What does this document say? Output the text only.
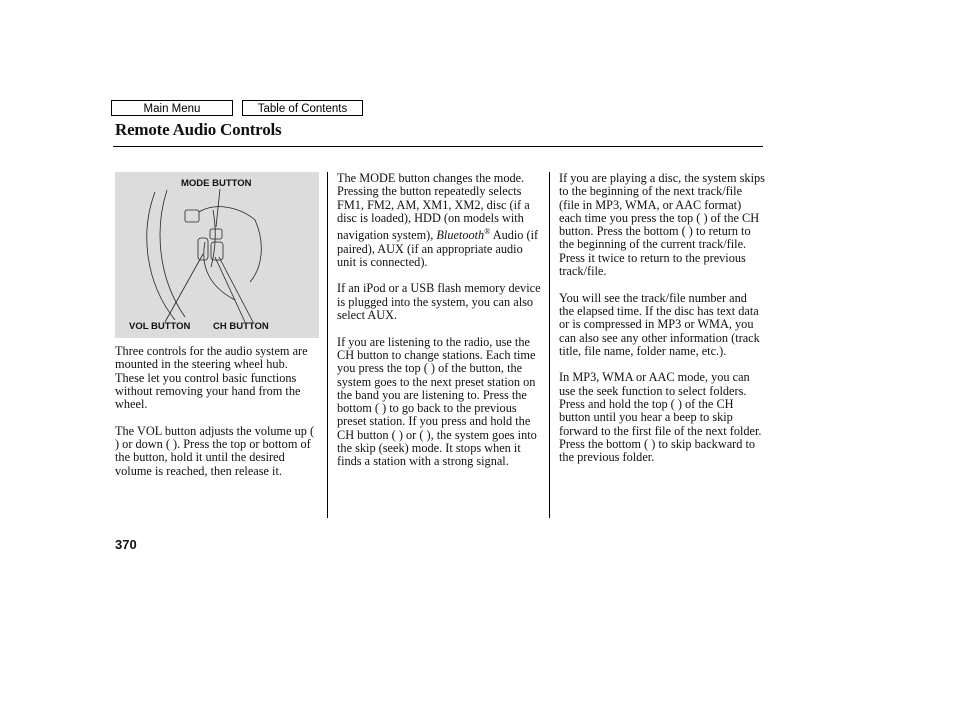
Main Menu	Table of Contents
Remote Audio Controls
MODE BUTTON
VOL BUTTON CH BUTTON

Three controls for the audio system are mounted in the steering wheel hub. These let you control basic functions without removing your hand from the wheel.

The VOL button adjusts the volume up ( ) or down ( ). Press the top or bottom of the button, hold it until the desired volume is reached, then release it.

The MODE button changes the mode. Pressing the button repeatedly selects FM1, FM2, AM, XM1, XM2, disc (if a disc is loaded), HDD (on models with navigation system), Bluetooth® Audio (if paired), AUX (if an appropriate audio unit is connected).

If an iPod or a USB flash memory device is plugged into the system, you can also select AUX.

If you are listening to the radio, use the CH button to change stations. Each time you press the top ( ) of the button, the system goes to the next preset station on the band you are listening to. Press the bottom ( ) to go back to the previous preset station. If you press and hold the CH button ( ) or ( ), the system goes into the skip (seek) mode. It stops when it finds a station with a strong signal.

If you are playing a disc, the system skips to the beginning of the next track/file (file in MP3, WMA, or AAC format) each time you press the top ( ) of the CH button. Press the bottom ( ) to return to the beginning of the current track/file. Press it twice to return to the previous track/file.

You will see the track/file number and the elapsed time. If the disc has text data or is compressed in MP3 or WMA, you can also see any other information (track title, file name, folder name, etc.).

In MP3, WMA or AAC mode, you can use the seek function to select folders. Press and hold the top ( ) of the CH button until you hear a beep to skip forward to the first file of the next folder. Press the bottom ( ) to skip backward to the previous folder.

370
